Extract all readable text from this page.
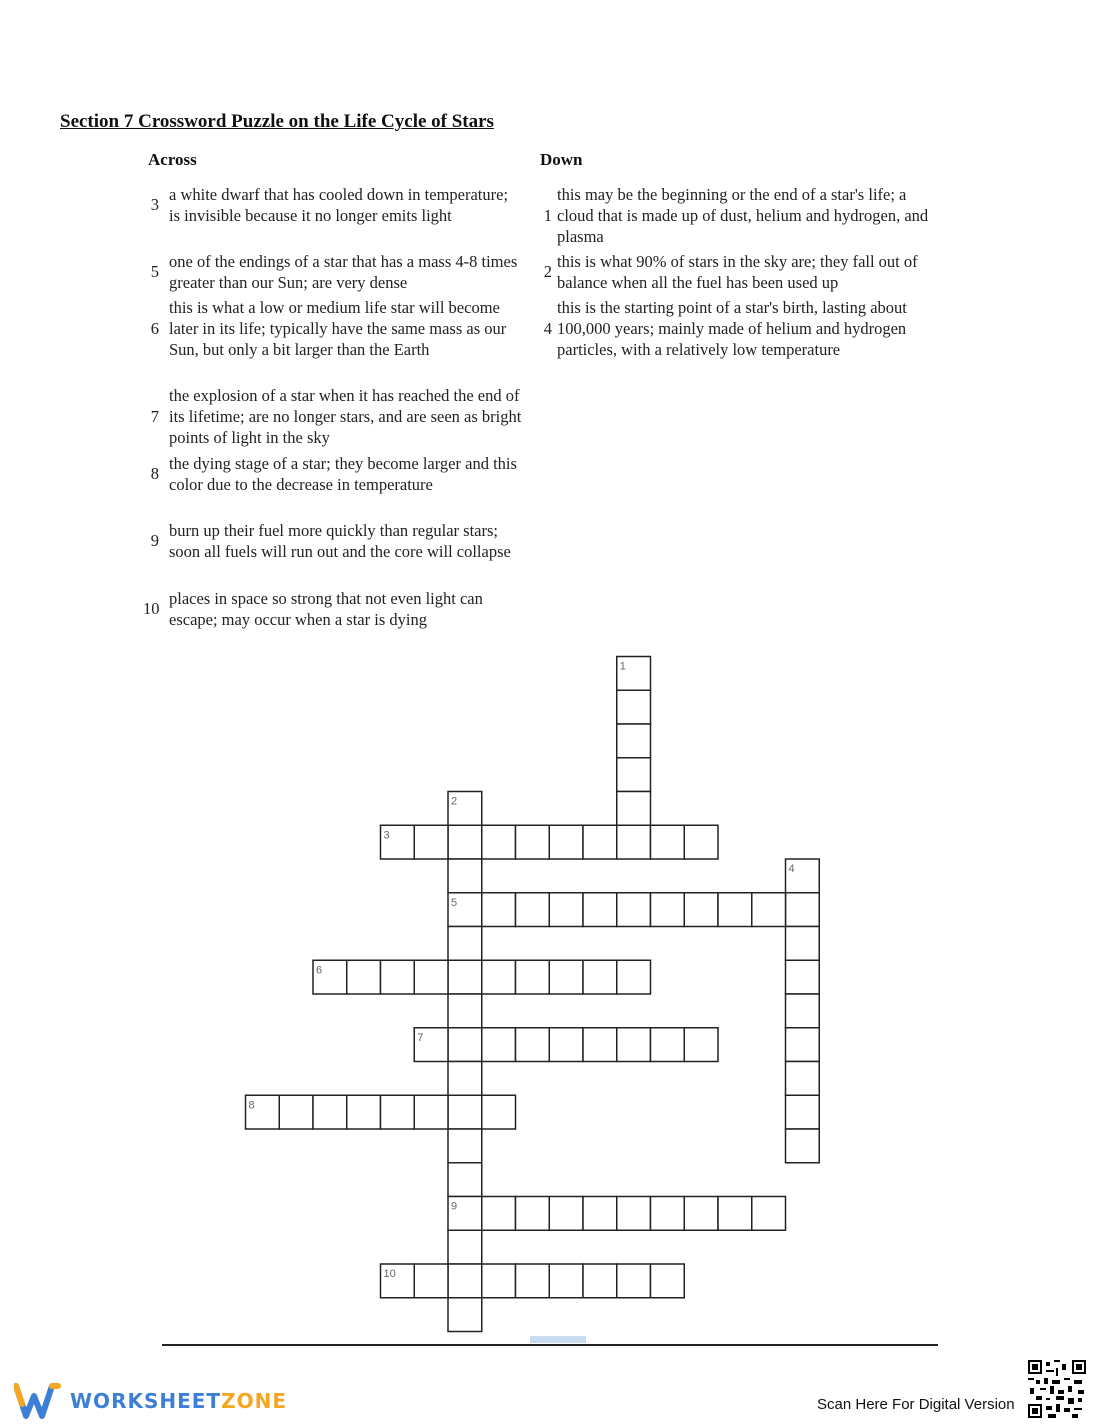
Section 7 Crossword Puzzle on the Life Cycle of Stars
Across	Down
3
a white dwarf that has cooled down in temperature; is invisible because it no longer emits light
5
one of the endings of a star that has a mass 4-8 times greater than our Sun; are very dense
6
this is what a low or medium life star will become later in its life; typically have the same mass as our Sun, but only a bit larger than the Earth
7
the explosion of a star when it has reached the end of its lifetime; are no longer stars, and are seen as bright points of light in the sky
8
the dying stage of a star; they become larger and this color due to the decrease in temperature
9
burn up their fuel more quickly than regular stars; soon all fuels will run out and the core will collapse
10
places in space so strong that not even light can escape; may occur when a star is dying
1
this may be the beginning or the end of a star's life; a cloud that is made up of dust, helium and hydrogen, and plasma
2
this is what 90% of stars in the sky are; they fall out of balance when all the fuel has been used up
4
this is the starting point of a star's birth, lasting about 100,000 years; mainly made of helium and hydrogen particles, with a relatively low temperature
1
2
3
4
5
6
7
8
9
10
WORKSHEETZONE	Scan Here For Digital Version
